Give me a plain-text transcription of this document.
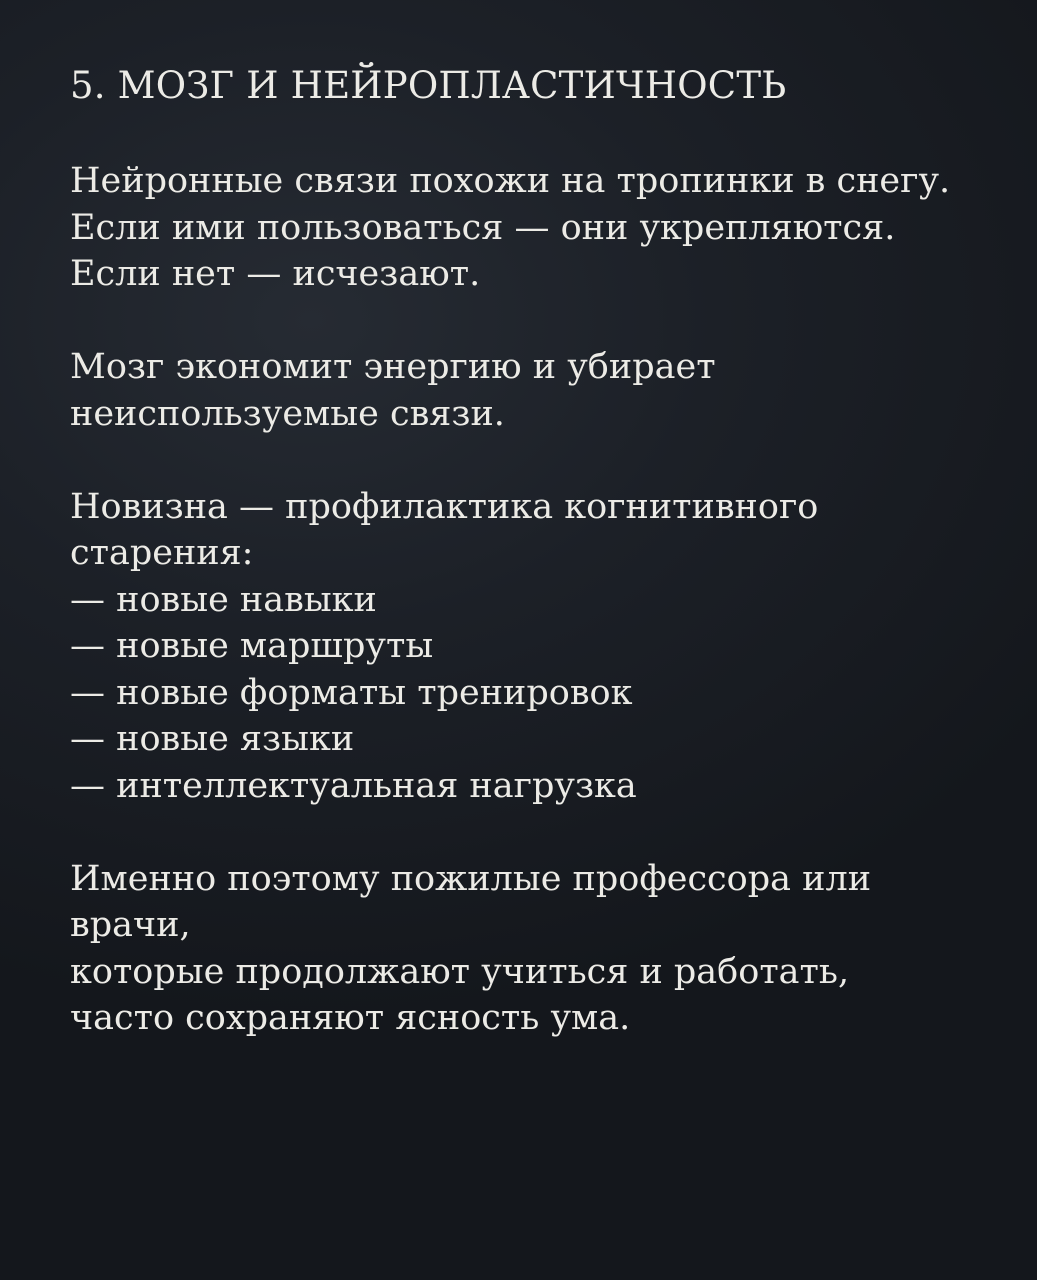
5. МОЗГ И НЕЙРОПЛАСТИЧНОСТЬ
Нейронные связи похожи на тропинки в снегу.
Если ими пользоваться — они укрепляются.
Если нет — исчезают.
Мозг экономит энергию и убирает
неиспользуемые связи.
Новизна — профилактика когнитивного
старения:
— новые навыки
— новые маршруты
— новые форматы тренировок
— новые языки
— интеллектуальная нагрузка
Именно поэтому пожилые профессора или
врачи,
которые продолжают учиться и работать,
часто сохраняют ясность ума.
